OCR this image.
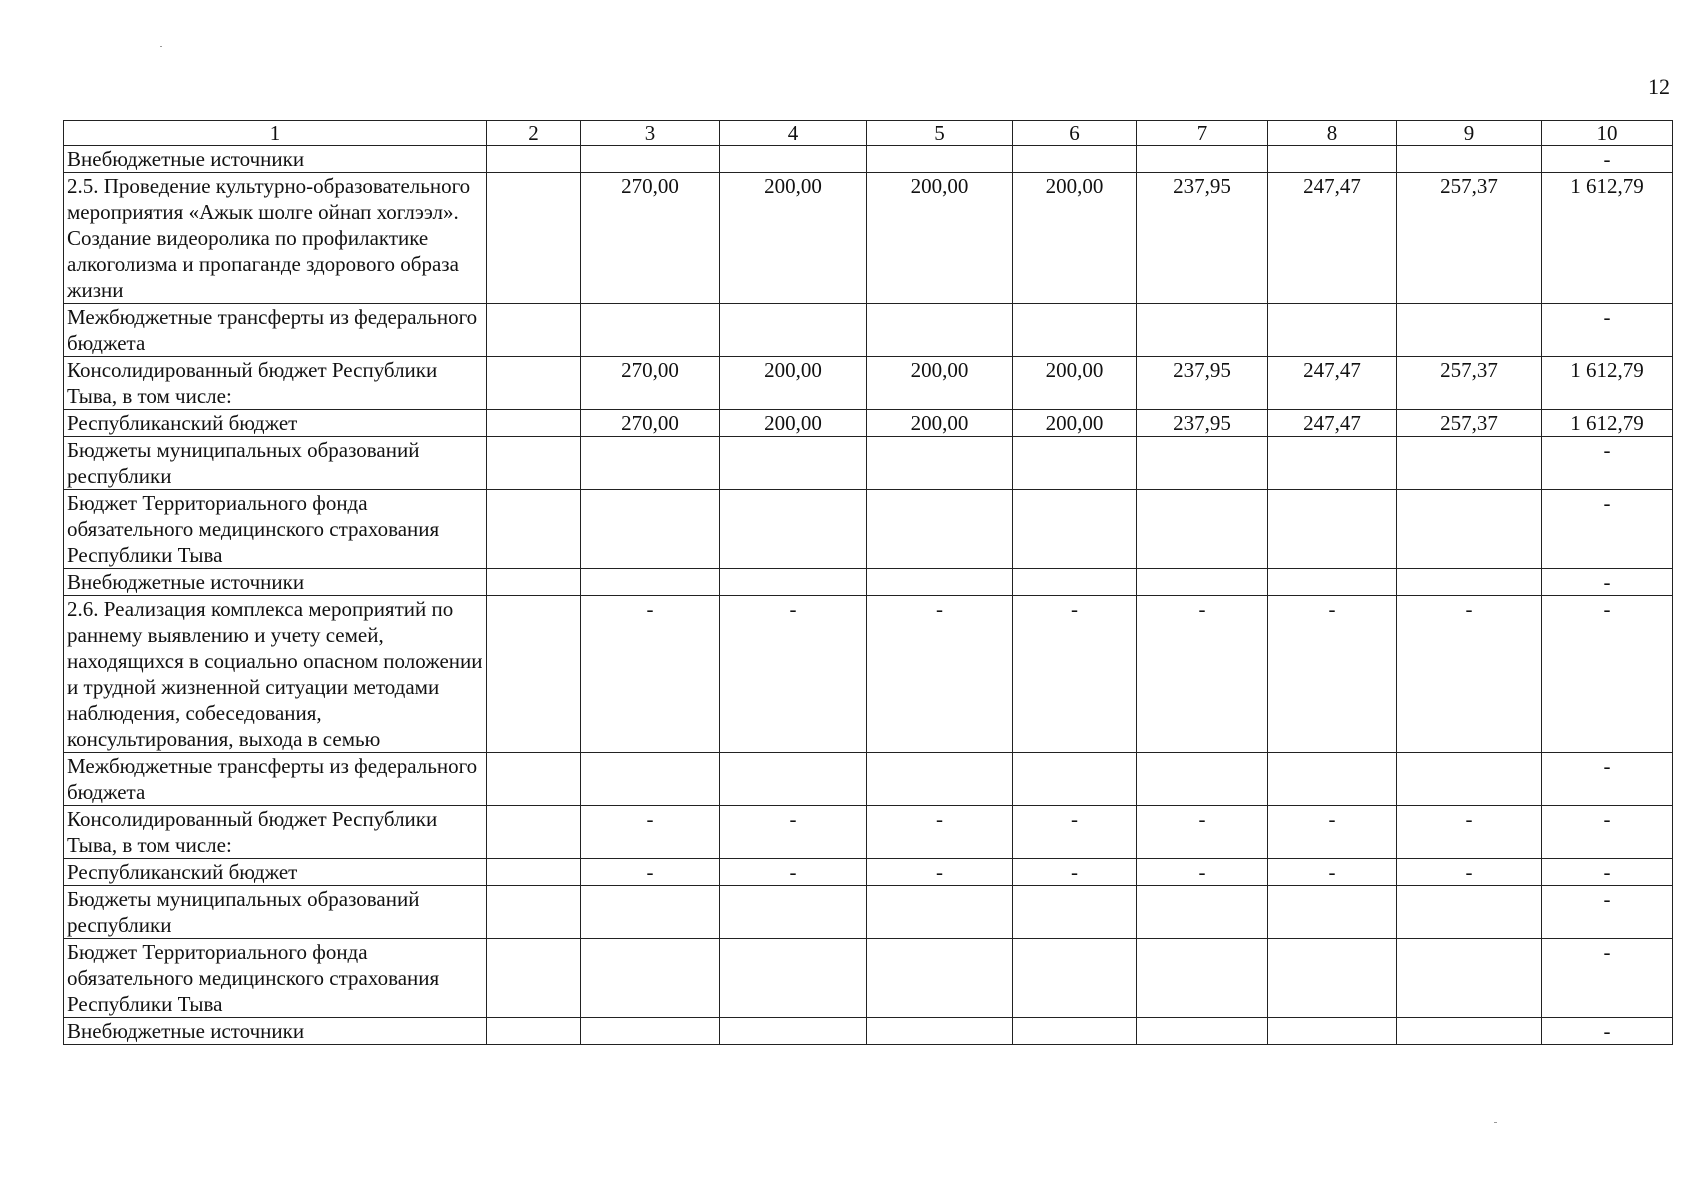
12
1	2	3	4	5	6	7	8	9	10
Внебюджетные источники									-
2.5. Проведение культурно-образовательного мероприятия «Ажык шолге ойнап хоглээл». Создание видеоролика по профилактике алкоголизма и пропаганде здорового образа жизни		270,00	200,00	200,00	200,00	237,95	247,47	257,37	1 612,79
Межбюджетные трансферты из федерального бюджета									-
Консолидированный бюджет Республики Тыва, в том числе:		270,00	200,00	200,00	200,00	237,95	247,47	257,37	1 612,79
Республиканский бюджет		270,00	200,00	200,00	200,00	237,95	247,47	257,37	1 612,79
Бюджеты муниципальных образований республики									-
Бюджет Территориального фонда обязательного медицинского страхования Республики Тыва									-
Внебюджетные источники									-
2.6. Реализация комплекса мероприятий по раннему выявлению и учету семей, находящихся в социально опасном положении и трудной жизненной ситуации методами наблюдения, собеседования, консультирования, выхода в семью		-	-	-	-	-	-	-	-
Межбюджетные трансферты из федерального бюджета									-
Консолидированный бюджет Республики Тыва, в том числе:		-	-	-	-	-	-	-	-
Республиканский бюджет		-	-	-	-	-	-	-	-
Бюджеты муниципальных образований республики									-
Бюджет Территориального фонда обязательного медицинского страхования Республики Тыва									-
Внебюджетные источники									-
